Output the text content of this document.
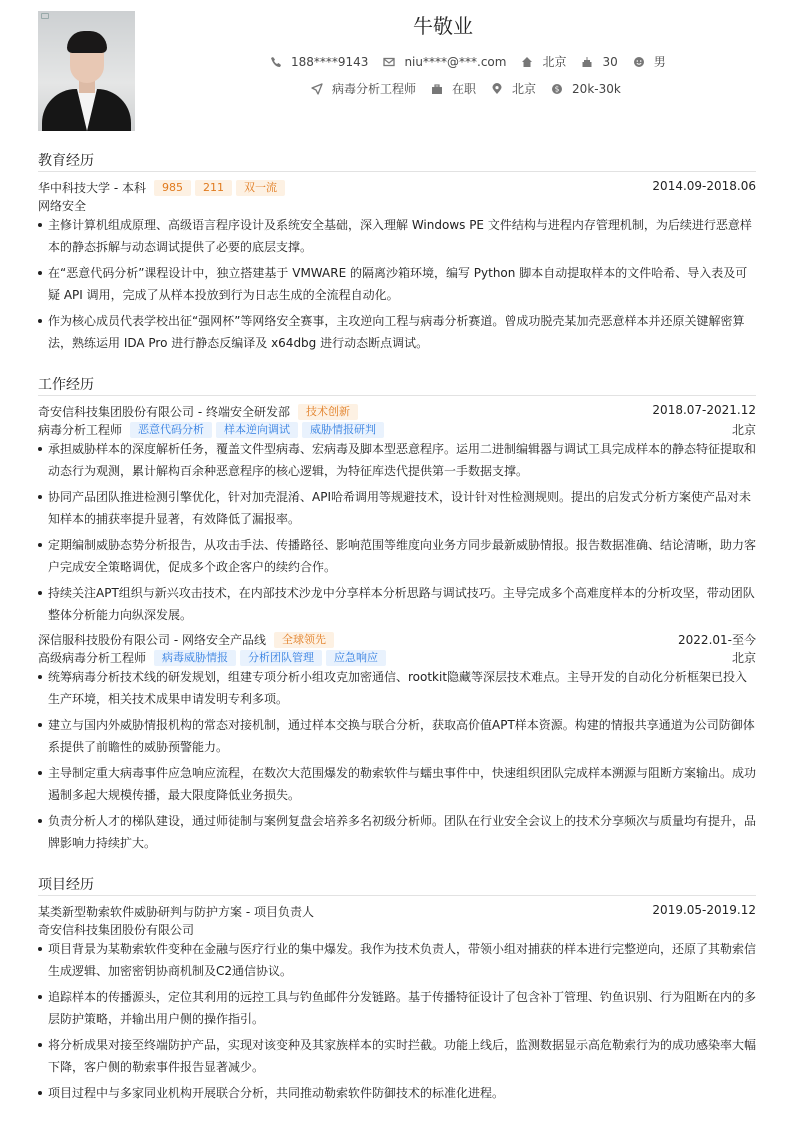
牛敬业
188****9143	niu****@***.com	北京	30	男
病毒分析工程师	在职	北京 $ 20k-30k
教育经历
华中科技大学 - 本科	985	211	双一流	2014.09-2018.06
网络安全
主修计算机组成原理、高级语言程序设计及系统安全基础，深入理解 Windows PE 文件结构与进程内存管理机制，为后续进行恶意样本的静态拆解与动态调试提供了必要的底层支撑。
在“恶意代码分析”课程设计中，独立搭建基于 VMWARE 的隔离沙箱环境，编写 Python 脚本自动提取样本的文件哈希、导入表及可疑 API 调用，完成了从样本投放到行为日志生成的全流程自动化。
作为核心成员代表学校出征“强网杯”等网络安全赛事，主攻逆向工程与病毒分析赛道。曾成功脱壳某加壳恶意样本并还原关键解密算法，熟练运用 IDA Pro 进行静态反编译及 x64dbg 进行动态断点调试。
工作经历
奇安信科技集团股份有限公司 - 终端安全研发部	技术创新	2018.07-2021.12
病毒分析工程师	恶意代码分析	样本逆向调试	威胁情报研判	北京
承担威胁样本的深度解析任务，覆盖文件型病毒、宏病毒及脚本型恶意程序。运用二进制编辑器与调试工具完成样本的静态特征提取和动态行为观测，累计解构百余种恶意程序的核心逻辑，为特征库迭代提供第一手数据支撑。
协同产品团队推进检测引擎优化，针对加壳混淆、API哈希调用等规避技术，设计针对性检测规则。提出的启发式分析方案使产品对未知样本的捕获率提升显著，有效降低了漏报率。
定期编制威胁态势分析报告，从攻击手法、传播路径、影响范围等维度向业务方同步最新威胁情报。报告数据准确、结论清晰，助力客户完成安全策略调优，促成多个政企客户的续约合作。
持续关注APT组织与新兴攻击技术，在内部技术沙龙中分享样本分析思路与调试技巧。主导完成多个高难度样本的分析攻坚，带动团队整体分析能力向纵深发展。
深信服科技股份有限公司 - 网络安全产品线	全球领先	2022.01-至今
高级病毒分析工程师	病毒威胁情报	分析团队管理	应急响应	北京
统筹病毒分析技术线的研发规划，组建专项分析小组攻克加密通信、rootkit隐藏等深层技术难点。主导开发的自动化分析框架已投入生产环境，相关技术成果申请发明专利多项。
建立与国内外威胁情报机构的常态对接机制，通过样本交换与联合分析，获取高价值APT样本资源。构建的情报共享通道为公司防御体系提供了前瞻性的威胁预警能力。
主导制定重大病毒事件应急响应流程，在数次大范围爆发的勒索软件与蠕虫事件中，快速组织团队完成样本溯源与阻断方案输出。成功遏制多起大规模传播，最大限度降低业务损失。
负责分析人才的梯队建设，通过师徒制与案例复盘会培养多名初级分析师。团队在行业安全会议上的技术分享频次与质量均有提升，品牌影响力持续扩大。
项目经历
某类新型勒索软件威胁研判与防护方案 - 项目负责人	2019.05-2019.12
奇安信科技集团股份有限公司
项目背景为某勒索软件变种在金融与医疗行业的集中爆发。我作为技术负责人，带领小组对捕获的样本进行完整逆向，还原了其勒索信生成逻辑、加密密钥协商机制及C2通信协议。
追踪样本的传播源头，定位其利用的远控工具与钓鱼邮件分发链路。基于传播特征设计了包含补丁管理、钓鱼识别、行为阻断在内的多层防护策略，并输出用户侧的操作指引。
将分析成果对接至终端防护产品，实现对该变种及其家族样本的实时拦截。功能上线后，监测数据显示高危勒索行为的成功感染率大幅下降，客户侧的勒索事件报告显著减少。
项目过程中与多家同业机构开展联合分析，共同推动勒索软件防御技术的标准化进程。
